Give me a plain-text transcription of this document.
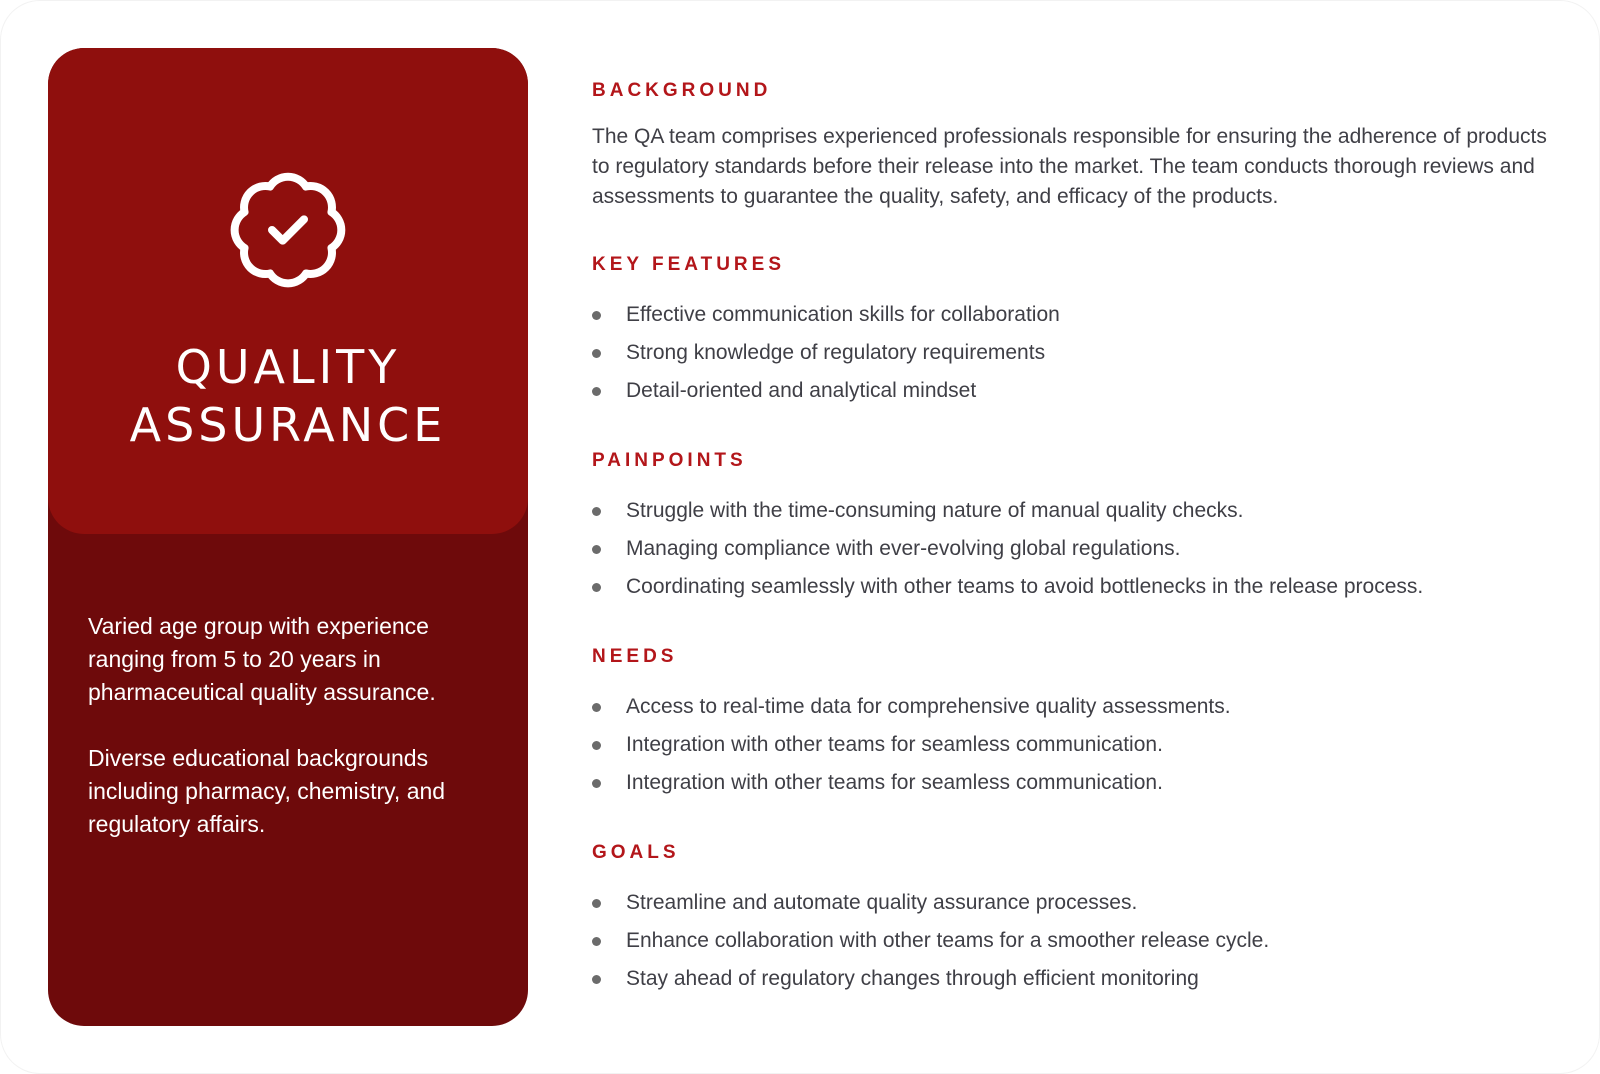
QUALITY
ASSURANCE

Varied age group with experience ranging from 5 to 20 years in pharmaceutical quality assurance.

Diverse educational backgrounds including pharmacy, chemistry, and regulatory affairs.

BACKGROUND

The QA team comprises experienced professionals responsible for ensuring the adherence of products to regulatory standards before their release into the market. The team conducts thorough reviews and assessments to guarantee the quality, safety, and efficacy of the products.

KEY FEATURES
Effective communication skills for collaboration
Strong knowledge of regulatory requirements
Detail-oriented and analytical mindset
PAINPOINTS
Struggle with the time-consuming nature of manual quality checks.
Managing compliance with ever-evolving global regulations.
Coordinating seamlessly with other teams to avoid bottlenecks in the release process.
NEEDS
Access to real-time data for comprehensive quality assessments.
Integration with other teams for seamless communication.
Integration with other teams for seamless communication.
GOALS
Streamline and automate quality assurance processes.
Enhance collaboration with other teams for a smoother release cycle.
Stay ahead of regulatory changes through efficient monitoring
